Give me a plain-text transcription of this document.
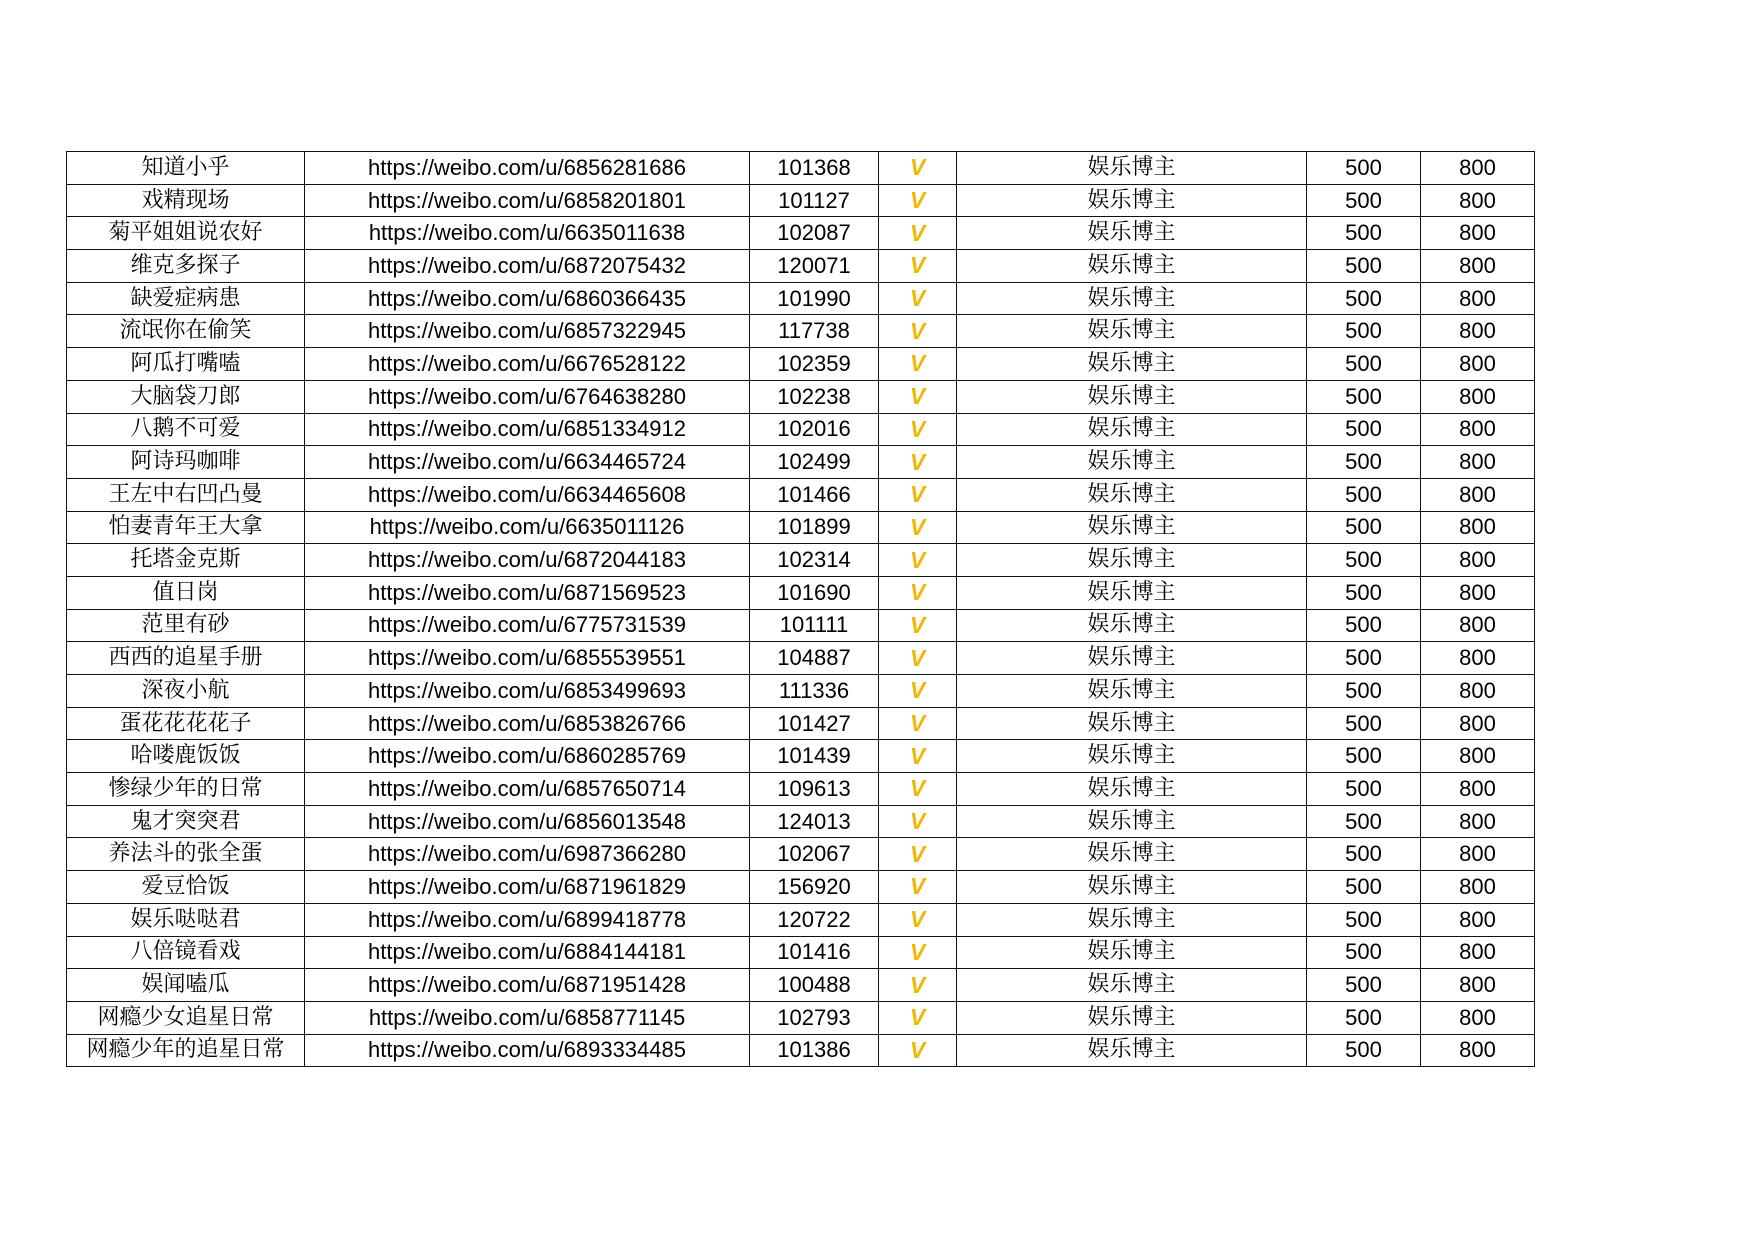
知道小乎	https://weibo.com/u/6856281686	101368	V	娱乐博主	500	800
戏精现场	https://weibo.com/u/6858201801	101127	V	娱乐博主	500	800
菊平姐姐说农好	https://weibo.com/u/6635011638	102087	V	娱乐博主	500	800
维克多探子	https://weibo.com/u/6872075432	120071	V	娱乐博主	500	800
缺爱症病患	https://weibo.com/u/6860366435	101990	V	娱乐博主	500	800
流氓你在偷笑	https://weibo.com/u/6857322945	117738	V	娱乐博主	500	800
阿瓜打嘴嗑	https://weibo.com/u/6676528122	102359	V	娱乐博主	500	800
大脑袋刀郎	https://weibo.com/u/6764638280	102238	V	娱乐博主	500	800
八鹅不可爱	https://weibo.com/u/6851334912	102016	V	娱乐博主	500	800
阿诗玛咖啡	https://weibo.com/u/6634465724	102499	V	娱乐博主	500	800
王左中右凹凸曼	https://weibo.com/u/6634465608	101466	V	娱乐博主	500	800
怕妻青年王大拿	https://weibo.com/u/6635011126	101899	V	娱乐博主	500	800
托塔金克斯	https://weibo.com/u/6872044183	102314	V	娱乐博主	500	800
值日岗	https://weibo.com/u/6871569523	101690	V	娱乐博主	500	800
范里有砂	https://weibo.com/u/6775731539	101111	V	娱乐博主	500	800
西西的追星手册	https://weibo.com/u/6855539551	104887	V	娱乐博主	500	800
深夜小航	https://weibo.com/u/6853499693	111336	V	娱乐博主	500	800
蛋花花花花子	https://weibo.com/u/6853826766	101427	V	娱乐博主	500	800
哈喽鹿饭饭	https://weibo.com/u/6860285769	101439	V	娱乐博主	500	800
惨绿少年的日常	https://weibo.com/u/6857650714	109613	V	娱乐博主	500	800
鬼才突突君	https://weibo.com/u/6856013548	124013	V	娱乐博主	500	800
养法斗的张全蛋	https://weibo.com/u/6987366280	102067	V	娱乐博主	500	800
爱豆恰饭	https://weibo.com/u/6871961829	156920	V	娱乐博主	500	800
娱乐哒哒君	https://weibo.com/u/6899418778	120722	V	娱乐博主	500	800
八倍镜看戏	https://weibo.com/u/6884144181	101416	V	娱乐博主	500	800
娱闻嗑瓜	https://weibo.com/u/6871951428	100488	V	娱乐博主	500	800
网瘾少女追星日常	https://weibo.com/u/6858771145	102793	V	娱乐博主	500	800
网瘾少年的追星日常	https://weibo.com/u/6893334485	101386	V	娱乐博主	500	800
